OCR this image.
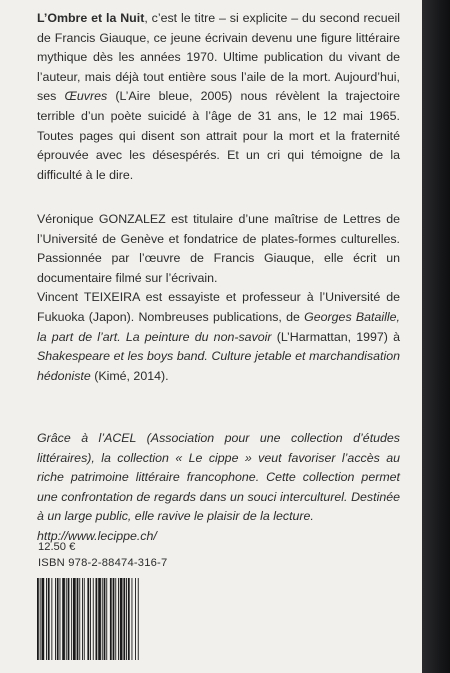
L’Ombre et la Nuit, c’est le titre – si explicite – du second recueil de Francis Giauque, ce jeune écrivain devenu une figure littéraire mythique dès les années 1970. Ultime publication du vivant de l’auteur, mais déjà tout entière sous l’aile de la mort. Aujourd’hui, ses Œuvres (L’Aire bleue, 2005) nous révèlent la trajectoire terrible d’un poète suicidé à l’âge de 31 ans, le 12 mai 1965. Toutes pages qui disent son attrait pour la mort et la fraternité éprouvée avec les désespérés. Et un cri qui témoigne de la difficulté à le dire.

Véronique GONZALEZ est titulaire d’une maîtrise de Lettres de l’Université de Genève et fondatrice de plates-formes culturelles. Passionnée par l’œuvre de Francis Giauque, elle écrit un documentaire filmé sur l’écrivain.
Vincent TEIXEIRA est essayiste et professeur à l’Université de Fukuoka (Japon). Nombreuses publications, de Georges Bataille, la part de l’art. La peinture du non-savoir (L’Harmattan, 1997) à Shakespeare et les boys band. Culture jetable et marchandisation hédoniste (Kimé, 2014).

Grâce à l’ACEL (Association pour une collection d’études littéraires), la collection « Le cippe » veut favoriser l’accès au riche patrimoine littéraire francophone. Cette collection permet une confrontation de regards dans un souci interculturel. Destinée à un large public, elle ravive le plaisir de la lecture.
http://www.lecippe.ch/

12.50 €
ISBN 978-2-88474-316-7
